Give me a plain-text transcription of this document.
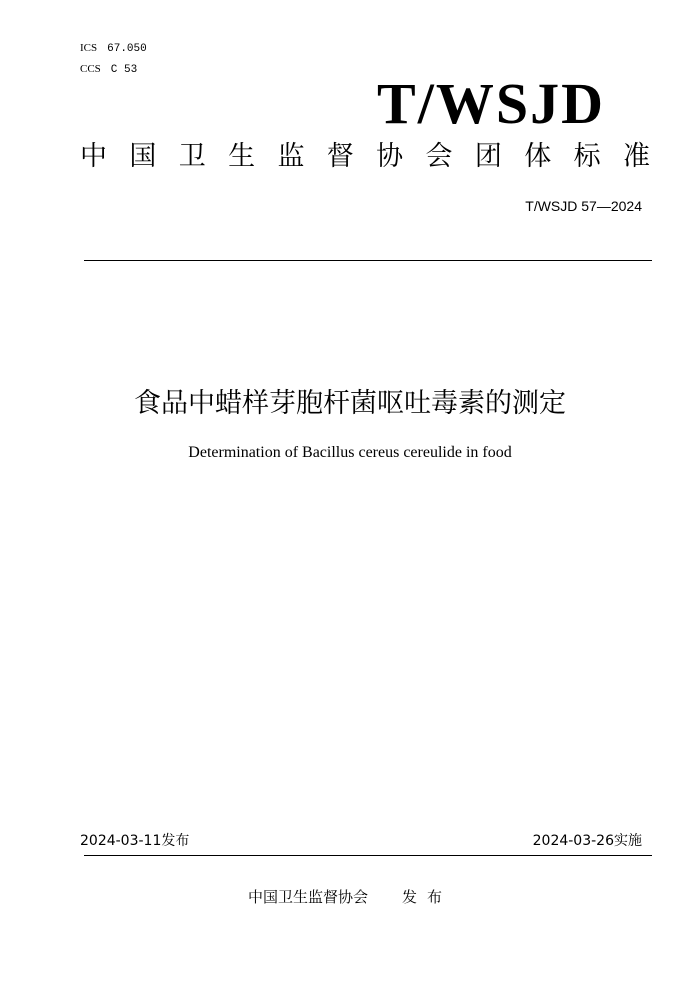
ICS 67.050
CCS C 53
T/WSJD
中 国 卫 生 监 督 协 会 团 体 标 准
T/WSJD 57—2024
食品中蜡样芽胞杆菌呕吐毒素的测定
Determination of Bacillus cereus cereulide in food
2024-03-11发布	2024-03-26实施
中国卫生监督协会 发布
